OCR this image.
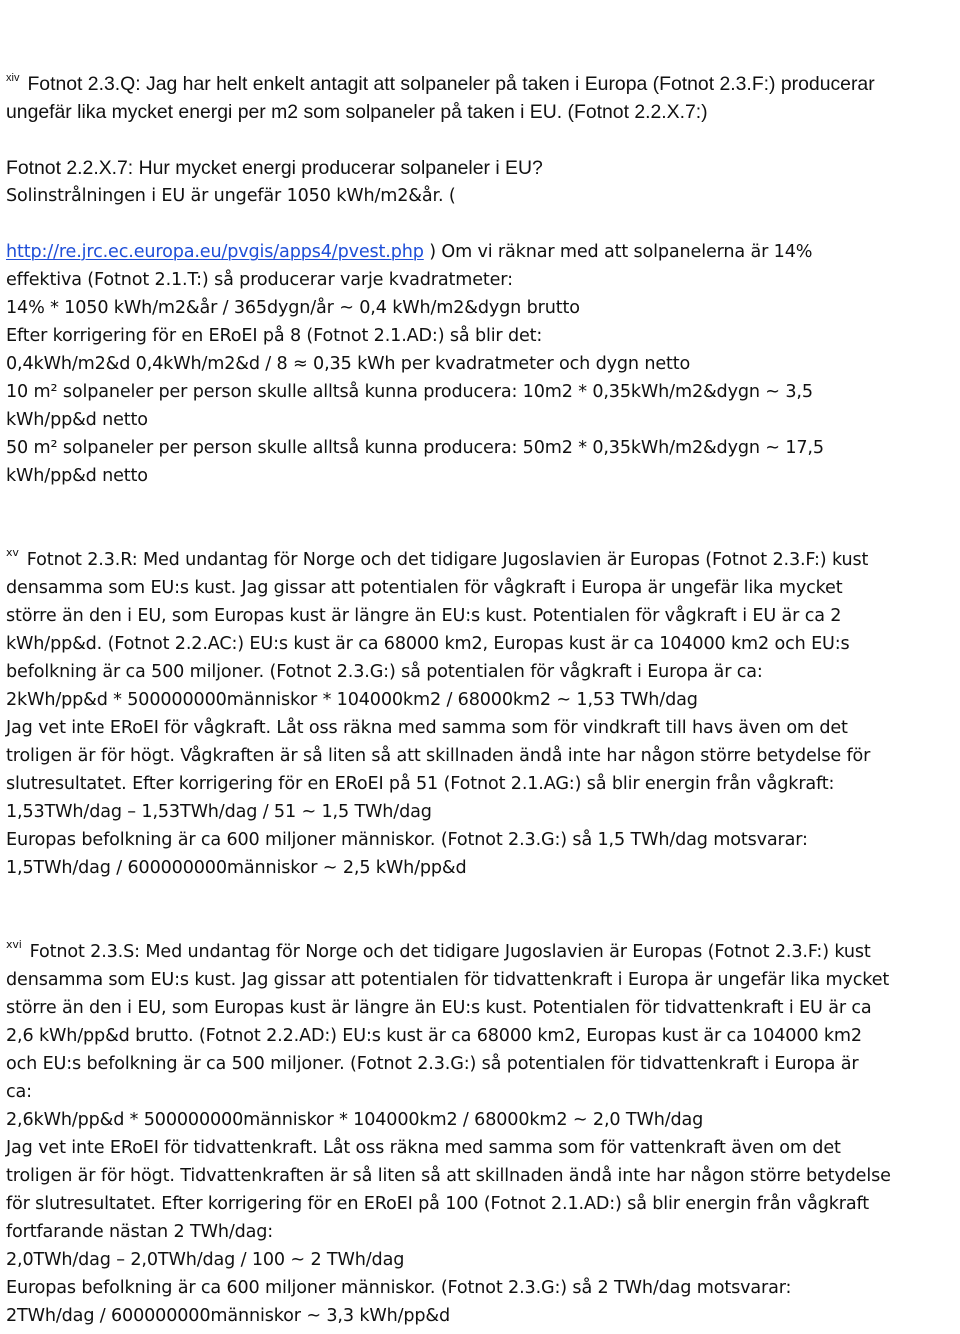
$^{xiv}$ Fotnot 2.3.Q: Jag har helt enkelt antagit att solpaneler på taken i Europa (Fotnot 2.3.F:) producerar
ungefär lika mycket energi per m2 som solpaneler på taken i EU. (Fotnot 2.2.X.7:)
Fotnot 2.2.X.7: Hur mycket energi producerar solpaneler i EU?
Solinstrålningen i EU är ungefär 1050 kWh/m2&år. (
http://re.jrc.ec.europa.eu/pvgis/apps4/pvest.php ) Om vi räknar med att solpanelerna är 14%
effektiva (Fotnot 2.1.T:) så producerar varje kvadratmeter:
14% * 1050 kWh/m2&år / 365dygn/år ~ 0,4 kWh/m2&dygn brutto
Efter korrigering för en ERoEI på 8 (Fotnot 2.1.AD:) så blir det:
0,4kWh/m2&d 0,4kWh/m2&d / 8 ≈ 0,35 kWh per kvadratmeter och dygn netto
10 m² solpaneler per person skulle alltså kunna producera: 10m2 * 0,35kWh/m2&dygn ~ 3,5
kWh/pp&d netto
50 m² solpaneler per person skulle alltså kunna producera: 50m2 * 0,35kWh/m2&dygn ~ 17,5
kWh/pp&d netto
$^{xv}$ Fotnot 2.3.R: Med undantag för Norge och det tidigare Jugoslavien är Europas (Fotnot 2.3.F:) kust
densamma som EU:s kust. Jag gissar att potentialen för vågkraft i Europa är ungefär lika mycket
större än den i EU, som Europas kust är längre än EU:s kust. Potentialen för vågkraft i EU är ca 2
kWh/pp&d. (Fotnot 2.2.AC:) EU:s kust är ca 68000 km2, Europas kust är ca 104000 km2 och EU:s
befolkning är ca 500 miljoner. (Fotnot 2.3.G:) så potentialen för vågkraft i Europa är ca:
2kWh/pp&d * 500000000människor * 104000km2 / 68000km2 ~ 1,53 TWh/dag
Jag vet inte ERoEI för vågkraft. Låt oss räkna med samma som för vindkraft till havs även om det
troligen är för högt. Vågkraften är så liten så att skillnaden ändå inte har någon större betydelse för
slutresultatet. Efter korrigering för en ERoEI på 51 (Fotnot 2.1.AG:) så blir energin från vågkraft:
1,53TWh/dag – 1,53TWh/dag / 51 ~ 1,5 TWh/dag
Europas befolkning är ca 600 miljoner människor. (Fotnot 2.3.G:) så 1,5 TWh/dag motsvarar:
1,5TWh/dag / 600000000människor ~ 2,5 kWh/pp&d
$^{xvi}$ Fotnot 2.3.S: Med undantag för Norge och det tidigare Jugoslavien är Europas (Fotnot 2.3.F:) kust
densamma som EU:s kust. Jag gissar att potentialen för tidvattenkraft i Europa är ungefär lika mycket
större än den i EU, som Europas kust är längre än EU:s kust. Potentialen för tidvattenkraft i EU är ca
2,6 kWh/pp&d brutto. (Fotnot 2.2.AD:) EU:s kust är ca 68000 km2, Europas kust är ca 104000 km2
och EU:s befolkning är ca 500 miljoner. (Fotnot 2.3.G:) så potentialen för tidvattenkraft i Europa är
ca:
2,6kWh/pp&d * 500000000människor * 104000km2 / 68000km2 ~ 2,0 TWh/dag
Jag vet inte ERoEI för tidvattenkraft. Låt oss räkna med samma som för vattenkraft även om det
troligen är för högt. Tidvattenkraften är så liten så att skillnaden ändå inte har någon större betydelse
för slutresultatet. Efter korrigering för en ERoEI på 100 (Fotnot 2.1.AD:) så blir energin från vågkraft
fortfarande nästan 2 TWh/dag:
2,0TWh/dag – 2,0TWh/dag / 100 ~ 2 TWh/dag
Europas befolkning är ca 600 miljoner människor. (Fotnot 2.3.G:) så 2 TWh/dag motsvarar:
2TWh/dag / 600000000människor ~ 3,3 kWh/pp&d
